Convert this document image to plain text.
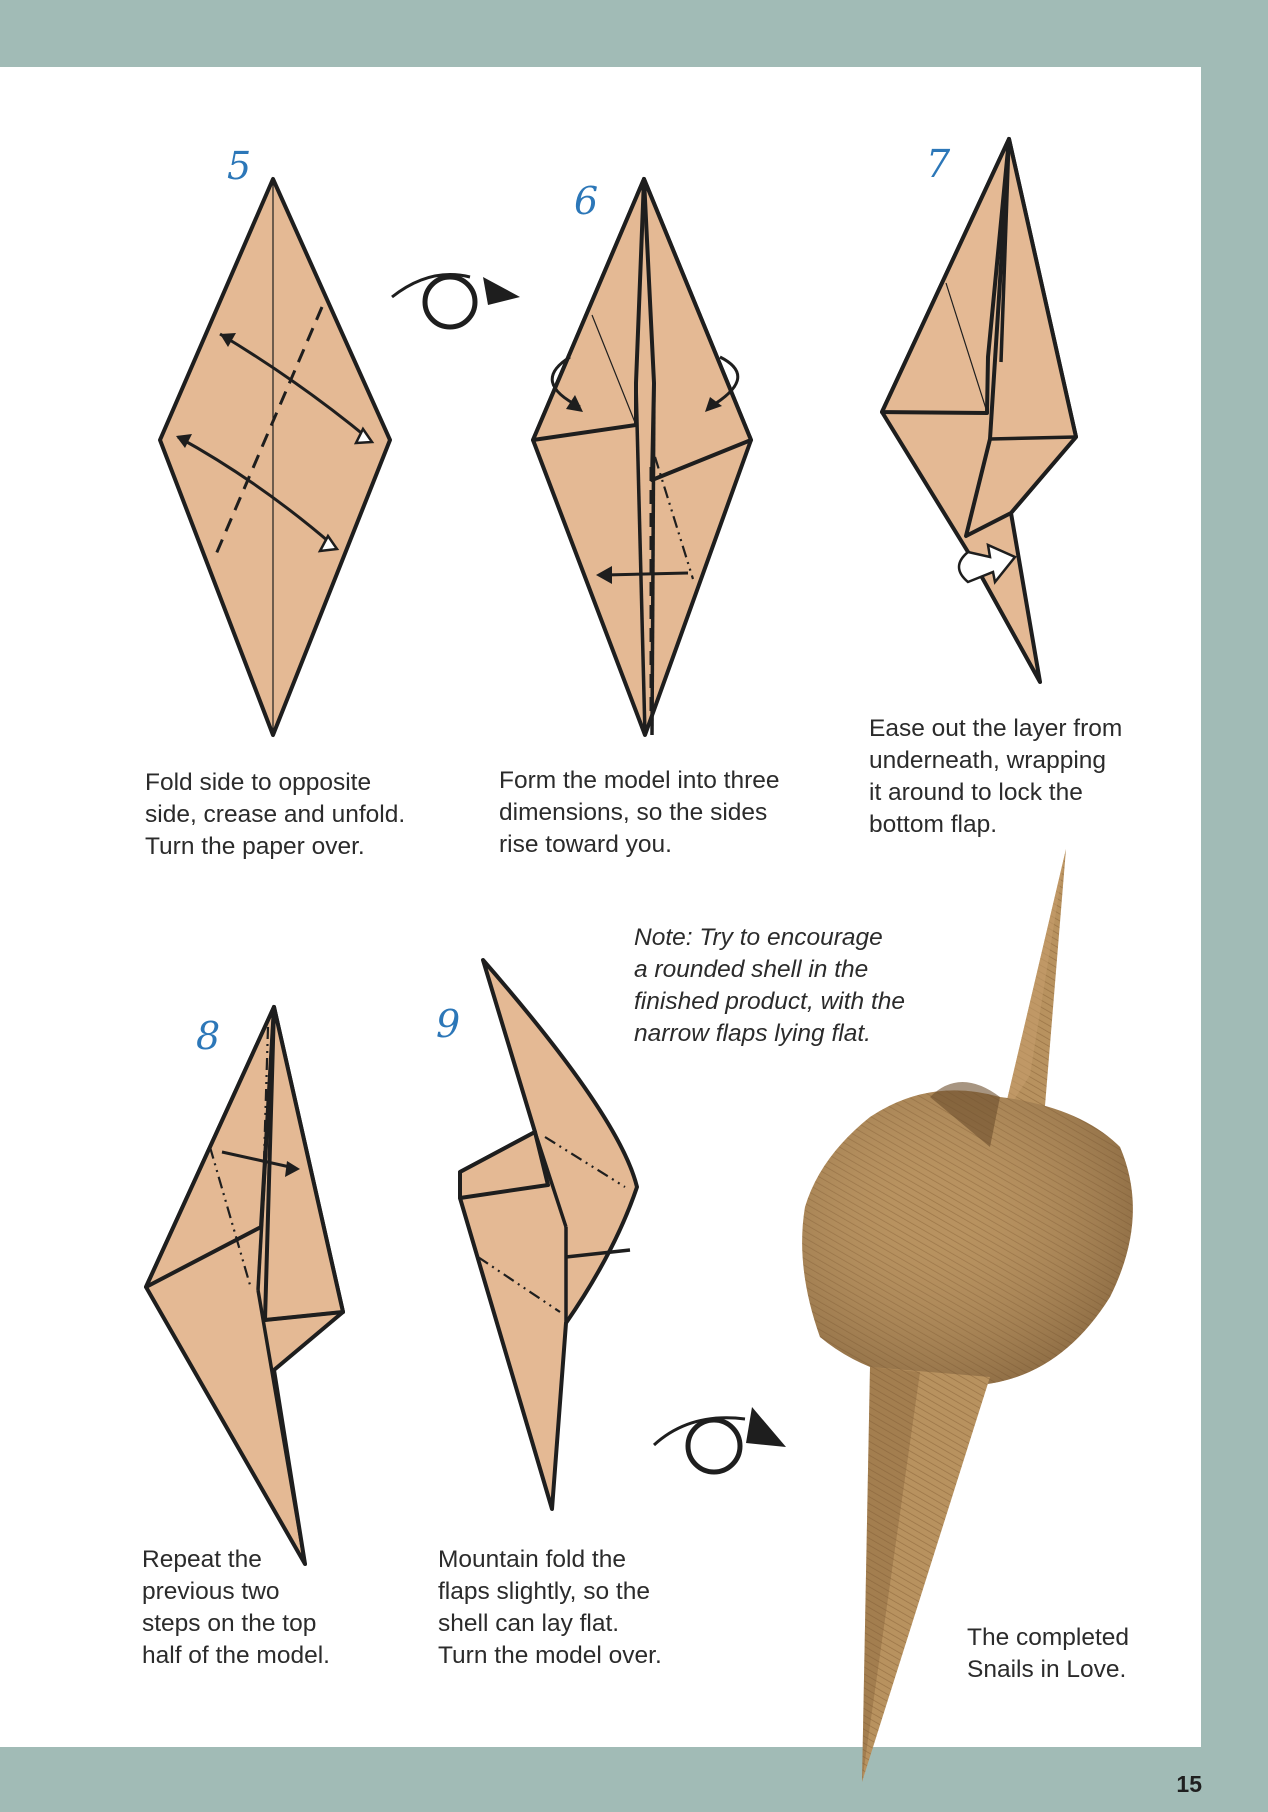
5
Fold side to opposite
side, crease and unfold.
Turn the paper over.
6
Form the model into three
dimensions, so the sides
rise toward you.
7
Ease out the layer from
underneath, wrapping
it around to lock the
bottom flap.
Note: Try to encourage
a rounded shell in the
finished product, with the
narrow flaps lying flat.
8
Repeat the
previous two
steps on the top
half of the model.
9
Mountain fold the
flaps slightly, so the
shell can lay flat.
Turn the model over.
The completed
Snails in Love.
15
